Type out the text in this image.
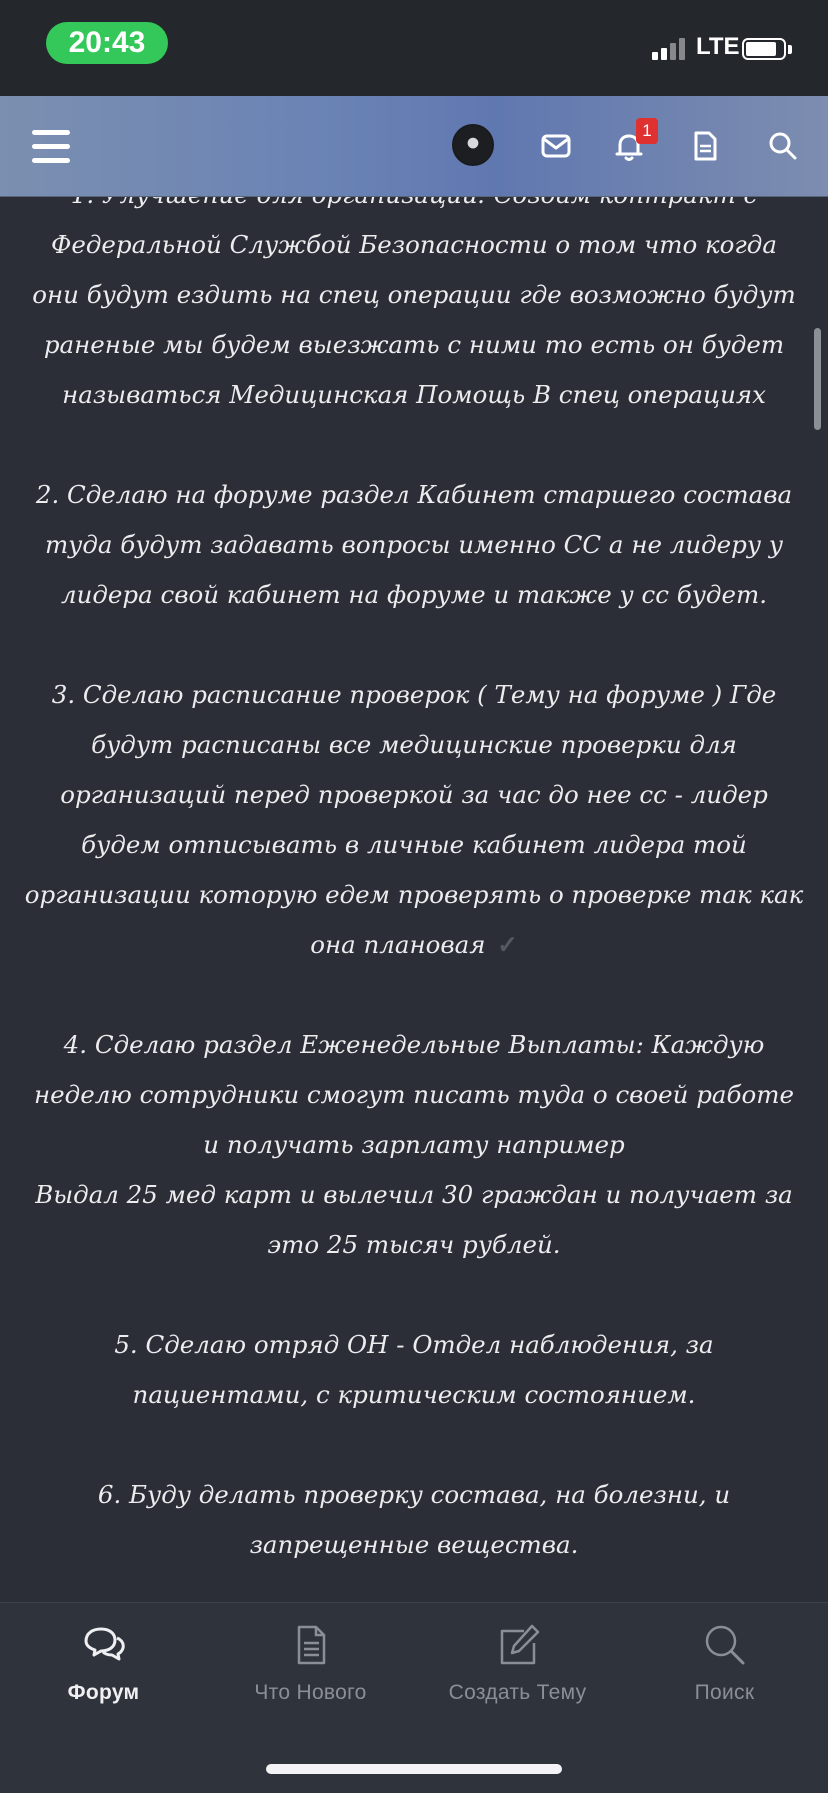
20:43	LTE

Федеральной Службой Безопасности о том что когда они будут ездить на спец операции где возможно будут раненые мы будем выезжать с ними то есть он будет называться Медицинская Помощь В спец операциях

2. Сделаю на форуме раздел Кабинет старшего состава туда будут задавать вопросы именно СС а не лидеру у лидера свой кабинет на форуме и также у сс будет.

3. Сделаю расписание проверок ( Тему на форуме ) Где будут расписаны все медицинские проверки для организаций перед проверкой за час до нее сс - лидер будем отписывать в личные кабинет лидера той организации которую едем проверять о проверке так как она плановая ✓

4. Сделаю раздел Еженедельные Выплаты: Каждую неделю сотрудники смогут писать туда о своей работе и получать зарплату например

Выдал 25 мед карт и вылечил 30 граждан и получает за это 25 тысяч рублей.

5. Сделаю отряд ОН - Отдел наблюдения, за пациентами, с критическим состоянием.

6. Буду делать проверку состава, на болезни, и запрещенные вещества.

1
Форум	Что Нового	Создать Тему	Поиск
